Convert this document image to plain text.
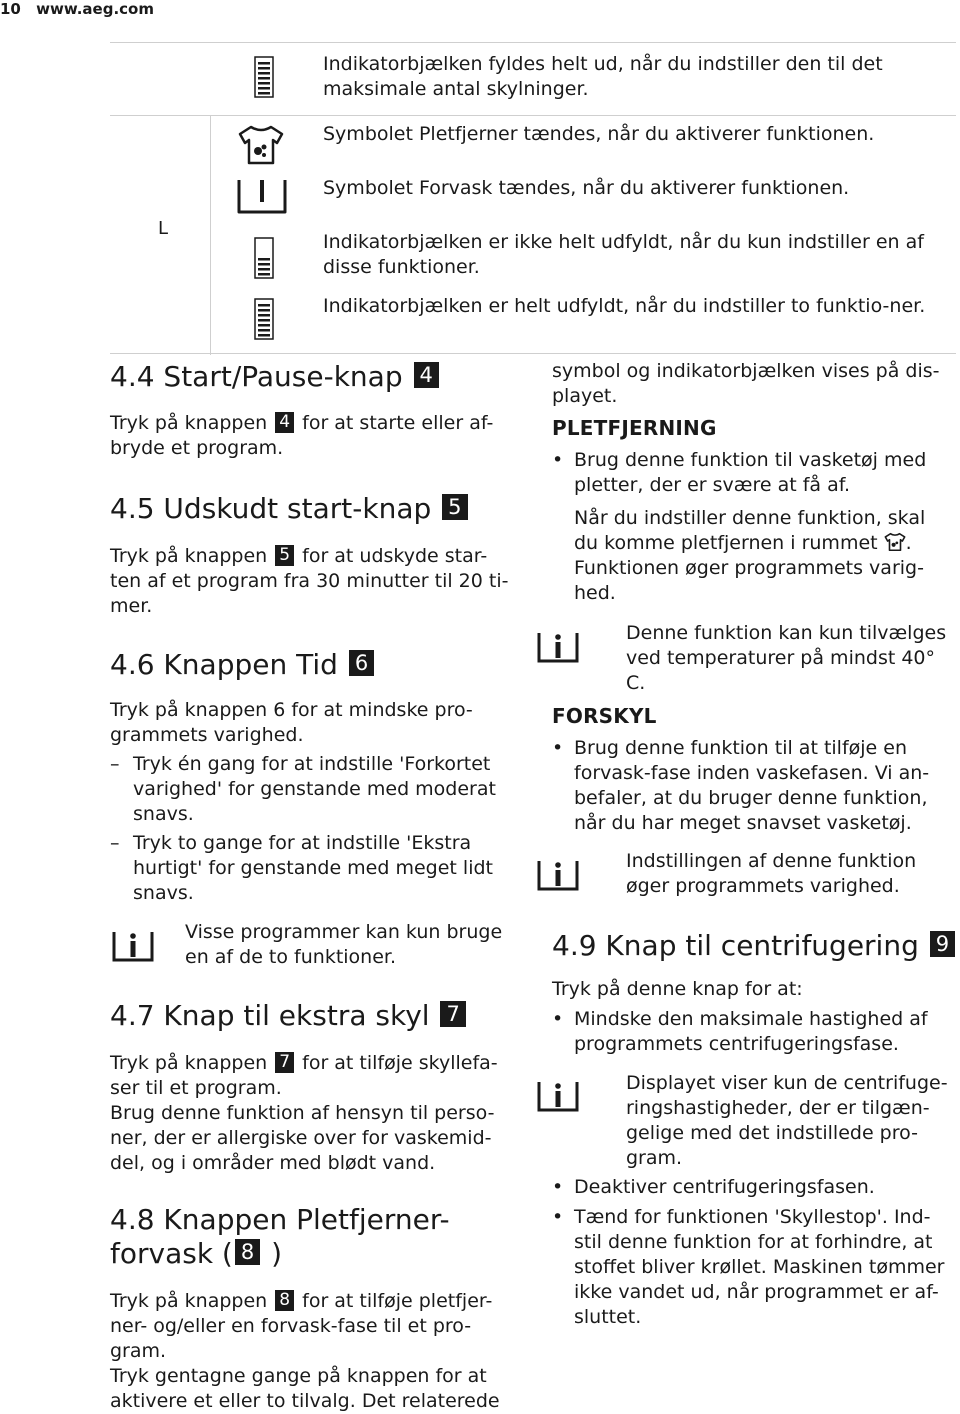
10 www.aeg.com
L
Indikatorbjælken fyldes helt ud, når du indstiller den til det maksimale antal skylninger.
Symbolet Pletfjerner tændes, når du aktiverer funktionen.
Symbolet Forvask tændes, når du aktiverer funktionen.
Indikatorbjælken er ikke helt udfyldt, når du kun indstiller en af disse funktioner.
Indikatorbjælken er helt udfyldt, når du indstiller to funktio-ner.
4.4 Start/Pause-knap 4
Tryk på knappen 4 for at starte eller af-
bryde et program.
4.5 Udskudt start-knap 5
Tryk på knappen 5 for at udskyde star-
ten af et program fra 30 minutter til 20 ti-
mer.
4.6 Knappen Tid 6
Tryk på knappen 6 for at mindske pro-
grammets varighed.
– Tryk én gang for at indstille 'Forkortet
varighed' for genstande med moderat
snavs.
– Tryk to gange for at indstille 'Ekstra
hurtigt' for genstande med meget lidt
snavs.
Visse programmer kan kun bruge
en af de to funktioner.
4.7 Knap til ekstra skyl 7
Tryk på knappen 7 for at tilføje skyllefa-
ser til et program.
Brug denne funktion af hensyn til perso-
ner, der er allergiske over for vaskemid-
del, og i områder med blødt vand.
4.8 Knappen Pletfjerner-
forvask ( 8 )
Tryk på knappen 8 for at tilføje pletfjer-
ner- og/eller en forvask-fase til et pro-
gram.
Tryk gentagne gange på knappen for at
aktivere et eller to tilvalg. Det relaterede
symbol og indikatorbjælken vises på dis-
playet.
PLETFJERNING
• Brug denne funktion til vasketøj med
pletter, der er svære at få af.
Når du indstiller denne funktion, skal
du komme pletfjernen i rummet .
Funktionen øger programmets varig-
hed.
Denne funktion kan kun tilvælges
ved temperaturer på mindst 40°
C.
FORSKYL
• Brug denne funktion til at tilføje en
forvask-fase inden vaskefasen. Vi an-
befaler, at du bruger denne funktion,
når du har meget snavset vasketøj.
Indstillingen af denne funktion
øger programmets varighed.
4.9 Knap til centrifugering 9
Tryk på denne knap for at:
• Mindske den maksimale hastighed af
programmets centrifugeringsfase.
Displayet viser kun de centrifuge-
ringshastigheder, der er tilgæn-
gelige med det indstillede pro-
gram.
• Deaktiver centrifugeringsfasen.
• Tænd for funktionen 'Skyllestop'. Ind-
stil denne funktion for at forhindre, at
stoffet bliver krøllet. Maskinen tømmer
ikke vandet ud, når programmet er af-
sluttet.
